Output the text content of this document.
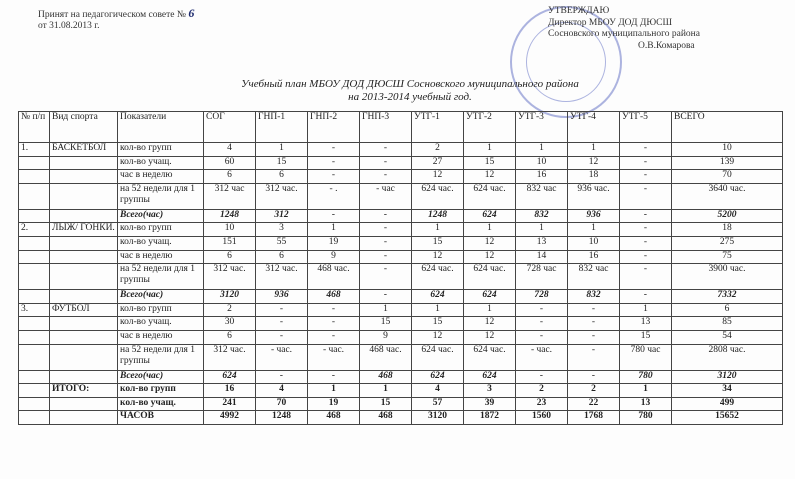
Принят на педагогическом совете № 6
от 31.08.2013 г.
УТВЕРЖДАЮ
Директор МБОУ ДОД ДЮСШ
Сосновского муниципального района
О.В.Комарова
Учебный план МБОУ ДОД ДЮСШ Сосновского муниципального района
на 2013-2014 учебный год.
№ п/п	Вид спорта	Показатели	СОГ	ГНП-1	ГНП-2	ГНП-3	УТГ-1	УТГ-2	УТГ-3	УТГ-4	УТГ-5	ВСЕГО
1.	БАСКЕТБОЛ	кол-во групп	4	1	-	-	2	1	1	1	-	10
		кол-во учащ.	60	15	-	-	27	15	10	12	-	139
		час в неделю	6	6	-	-	12	12	16	18	-	70
		на 52 недели для 1 группы	312 час	312 час.	- .	- час	624 час.	624 час.	832 час	936 час.	-	3640 час.
		Всего(час)	1248	312	-	-	1248	624	832	936	-	5200
2.	ЛЫЖ/ ГОНКИ.	кол-во групп	10	3	1	-	1	1	1	1	-	18
		кол-во учащ.	151	55	19	-	15	12	13	10	-	275
		час в неделю	6	6	9	-	12	12	14	16	-	75
		на 52 недели для 1 группы	312 час.	312 час.	468 час.	-	624 час.	624 час.	728 час	832 час	-	3900 час.
		Всего(час)	3120	936	468	-	624	624	728	832	-	7332
3.	ФУТБОЛ	кол-во групп	2	-	-	1	1	1	-	-	1	6
		кол-во учащ.	30	-	-	15	15	12	-	-	13	85
		час в неделю	6	-	-	9	12	12	-	-	15	54
		на 52 недели для 1 группы	312 час.	- час.	- час.	468 час.	624 час.	624 час.	- час.	-	780 час	2808 час.
		Всего(час)	624	-	-	468	624	624	-	-	780	3120
	ИТОГО:	кол-во групп	16	4	1	1	4	3	2	2	1	34
		кол-во учащ.	241	70	19	15	57	39	23	22	13	499
		ЧАСОВ	4992	1248	468	468	3120	1872	1560	1768	780	15652
